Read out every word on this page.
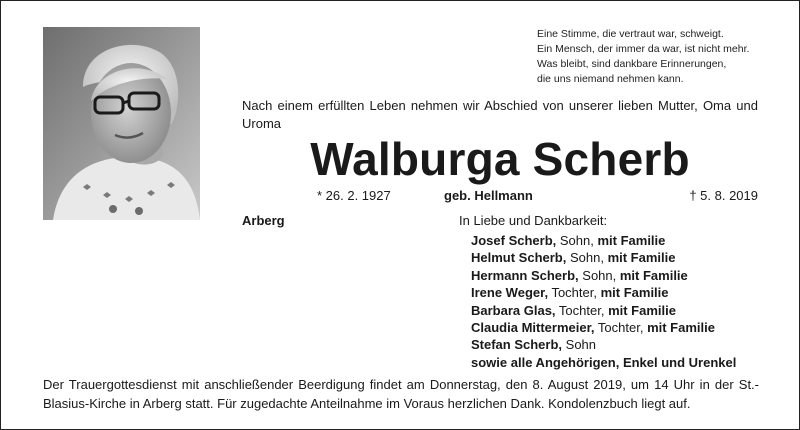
Eine Stimme, die vertraut war, schweigt.
Ein Mensch, der immer da war, ist nicht mehr.
Was bleibt, sind dankbare Erinnerungen,
die uns niemand nehmen kann.
Nach einem erfüllten Leben nehmen wir Abschied von unserer lieben Mutter, Oma und Uroma
Walburga Scherb
* 26. 2. 1927	geb. Hellmann	† 5. 8. 2019
Arberg	In Liebe und Dankbarkeit:
Josef Scherb, Sohn, mit Familie
Helmut Scherb, Sohn, mit Familie
Hermann Scherb, Sohn, mit Familie
Irene Weger, Tochter, mit Familie
Barbara Glas, Tochter, mit Familie
Claudia Mittermeier, Tochter, mit Familie
Stefan Scherb, Sohn
sowie alle Angehörigen, Enkel und Urenkel
Der Trauergottesdienst mit anschließender Beerdigung findet am Donnerstag, den 8. August 2019, um 14 Uhr in der St.-Blasius-Kirche in Arberg statt. Für zugedachte Anteilnahme im Voraus herzlichen Dank. Kondolenzbuch liegt auf.
